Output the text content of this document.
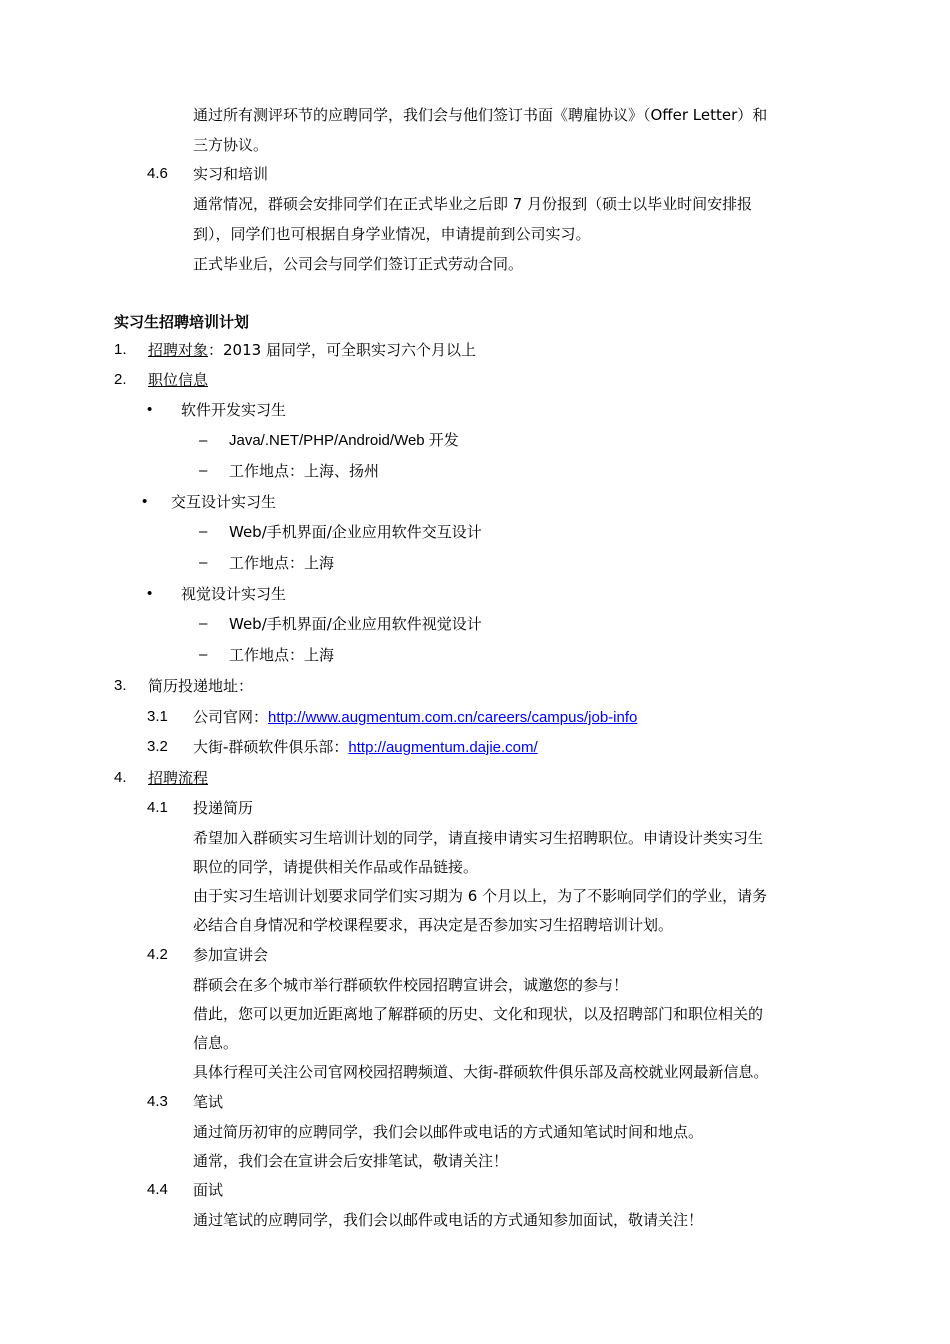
通过所有测评环节的应聘同学，我们会与他们签订书面《聘雇协议》（Offer Letter）和
三方协议。
4.6 实习和培训
通常情况，群硕会安排同学们在正式毕业之后即 7 月份报到（硕士以毕业时间安排报
到），同学们也可根据自身学业情况，申请提前到公司实习。
正式毕业后，公司会与同学们签订正式劳动合同。
实习生招聘培训计划
1. 招聘对象：2013 届同学，可全职实习六个月以上
2. 职位信息
• 软件开发实习生
– Java/.NET/PHP/Android/Web 开发
– 工作地点：上海、扬州
• 交互设计实习生
– Web/手机界面/企业应用软件交互设计
– 工作地点：上海
• 视觉设计实习生
– Web/手机界面/企业应用软件视觉设计
– 工作地点：上海
3. 简历投递地址：
3.1 公司官网：http://www.augmentum.com.cn/careers/campus/job-info
3.2 大街-群硕软件俱乐部：http://augmentum.dajie.com/
4. 招聘流程
4.1 投递简历
希望加入群硕实习生培训计划的同学，请直接申请实习生招聘职位。申请设计类实习生
职位的同学，请提供相关作品或作品链接。
由于实习生培训计划要求同学们实习期为 6 个月以上，为了不影响同学们的学业，请务
必结合自身情况和学校课程要求，再决定是否参加实习生招聘培训计划。
4.2 参加宣讲会
群硕会在多个城市举行群硕软件校园招聘宣讲会，诚邀您的参与！
借此，您可以更加近距离地了解群硕的历史、文化和现状，以及招聘部门和职位相关的
信息。
具体行程可关注公司官网校园招聘频道、大街-群硕软件俱乐部及高校就业网最新信息。
4.3 笔试
通过简历初审的应聘同学，我们会以邮件或电话的方式通知笔试时间和地点。
通常，我们会在宣讲会后安排笔试，敬请关注！
4.4 面试
通过笔试的应聘同学，我们会以邮件或电话的方式通知参加面试，敬请关注！
